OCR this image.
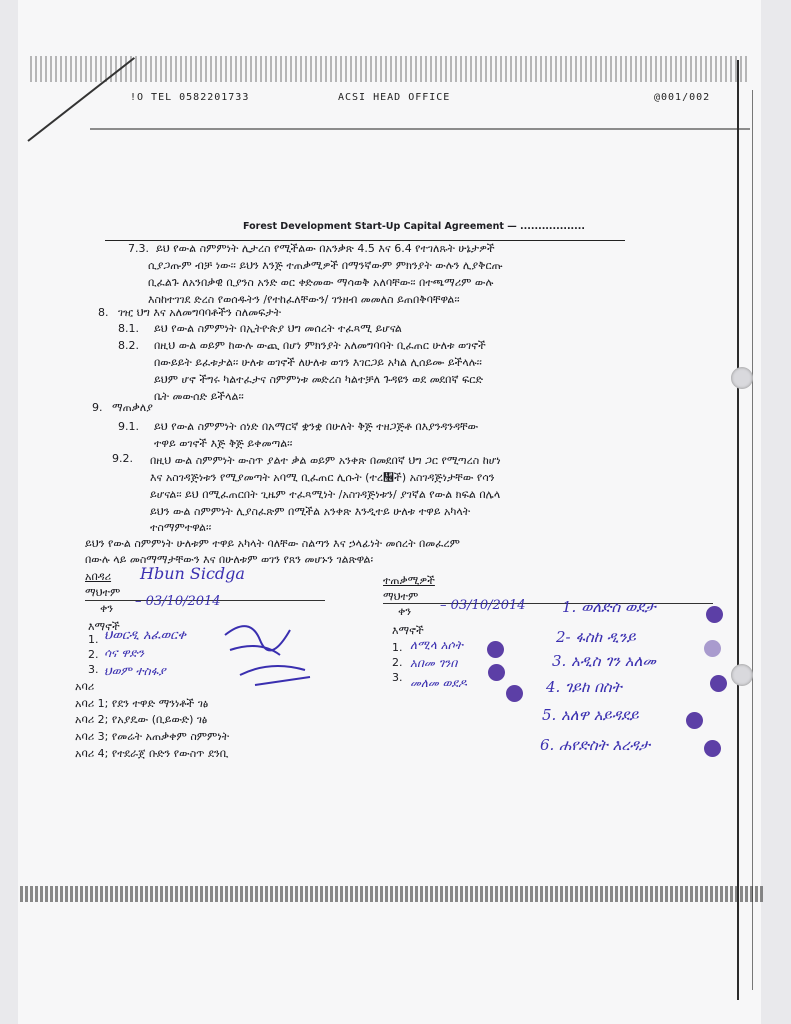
!O TEL 0582201733	ACSI HEAD OFFICE	@001/002
Forest Development Start-Up Capital Agreement — ..................
7.3. ይህ የውል ስምምነት ሊታረስ የሚችልው በአንቃጽ 4.5 እና 6.4 የተገለጹት ሁኔታዎች
ሲያጋጡም ብቻ ነው፡፡ ይህን እንጅ ተጠቃሚዎች በማንኛውም ምክንያት ውሉን ሊያቅርጡ
ቢፈልጉ ለአንበቃዊ ቢያንስ አንድ ወር ቀድመው ማሳወቅ አለባቸው፡፡ በተጫማሪም ውሉ
እስከተገገደ ድረስ የወሰዱትን /የተከፈለቸውን/ ገንዘብ መመለስ ይጠበቅባቸዋል፡፡
8. ገዢ ህግ እና አለመግባባቶችን ስለመፍታት
8.1. ይህ የውል ስምምነት በኢትዮጵያ ህግ መሰረት ተፈጻሚ ይሆናል
8.2. በዚህ ውል ወይም ከውሉ ውጪ በሆነ ምክንያት አለመግባባት ቢፈጠር ሁለቱ ወገኖች
በውይይት ይፈቱታል፡፡ ሁለቱ ወገኖች ለሁለቱ ወገን እገርጋይ አካል ሊሰይሙ ይችላሉ፡፡
ይህም ሆኖ ችግሩ ካልተፈታና ስምምነቱ መድረስ ካልተቻለ ጉዳዩን ወደ መደበኛ ፍርድ
ቤት መውሰድ ይችላል፡፡
9. ማጠቃለያ
9.1. ይህ የውል ስምምነት ሰነድ በአማርኛ ቋንቋ በሁለት ቅጅ ተዘጋጅቶ በእያንዳንዳቸው
ተዋይ ወገኖች እጅ ቅጅ ይቀመጣል፡፡
9.2. በዚህ ውል ስምምነት ውስጥ ያልተ ቃል ወይም አንቀጽ በመደበኛ ህግ ጋር የሚጣረስ ከሆነ
እና አስገዳጅነቱን የሚያመጣት አባሚ ቢፈጠር ሊሱት (ተረ኶ች) አስገዳጅነታቸው የሳን
ይሆናል፡፡ ይህ በሚፈጠርበት ጊዜም ተፈጻሚነት /አስገዳጅነቱን/ ያገኛል የውል ክፍል በሌላ
ይህን ውል ስምምነት ሊያስፈጽም በሚችል አንቀጽ እንዲተይ ሁለቱ ተዋይ አካላት
ተስማምተዋል፡፡
ይህን የውል ስምምነት ሁለቱም ተዋይ አካላት ባለቸው ስልጣን እና ኃላፊነት መሰረት በመፈረም
በውሉ ላይ መስማማታቸውን እና በሁለቱም ወገን የጸን መሆኑን ገልጽዋል፡
አበዳሪ
ማህተም
ቀን
እማኖች
1.
2.
3.
አባሪ
አባሪ 1; የደን ተዋድ ማንነቶች ገፅ
አባሪ 2; የአያዴው (ቢይውድ) ገፅ
አባሪ 3; የመሬት አጠቃቀም ስምምነት
አባሪ 4; የተደራጀ ቡድን የውስጥ ደንቢ
ተጠቃሚዎች
ማህተም
ቀን
እማኖች
1.
2.
3.
Hbun Sicdga
– 03/10/2014
ህወርዲ አፈወርቀ
ሳና ዋድን
ህወም ተስፋያ
– 03/10/2014
ለሚላ አሶት
አበመ ገንበ
መለመ ወደዶ
1. ወለድስ ወደታ
2- ፋስከ ዲንይ
3. አዲስ ገን አለመ
4. ገይከ በስት
5. አለዋ አይዳደይ
6. ሐየድስት እረዳታ
